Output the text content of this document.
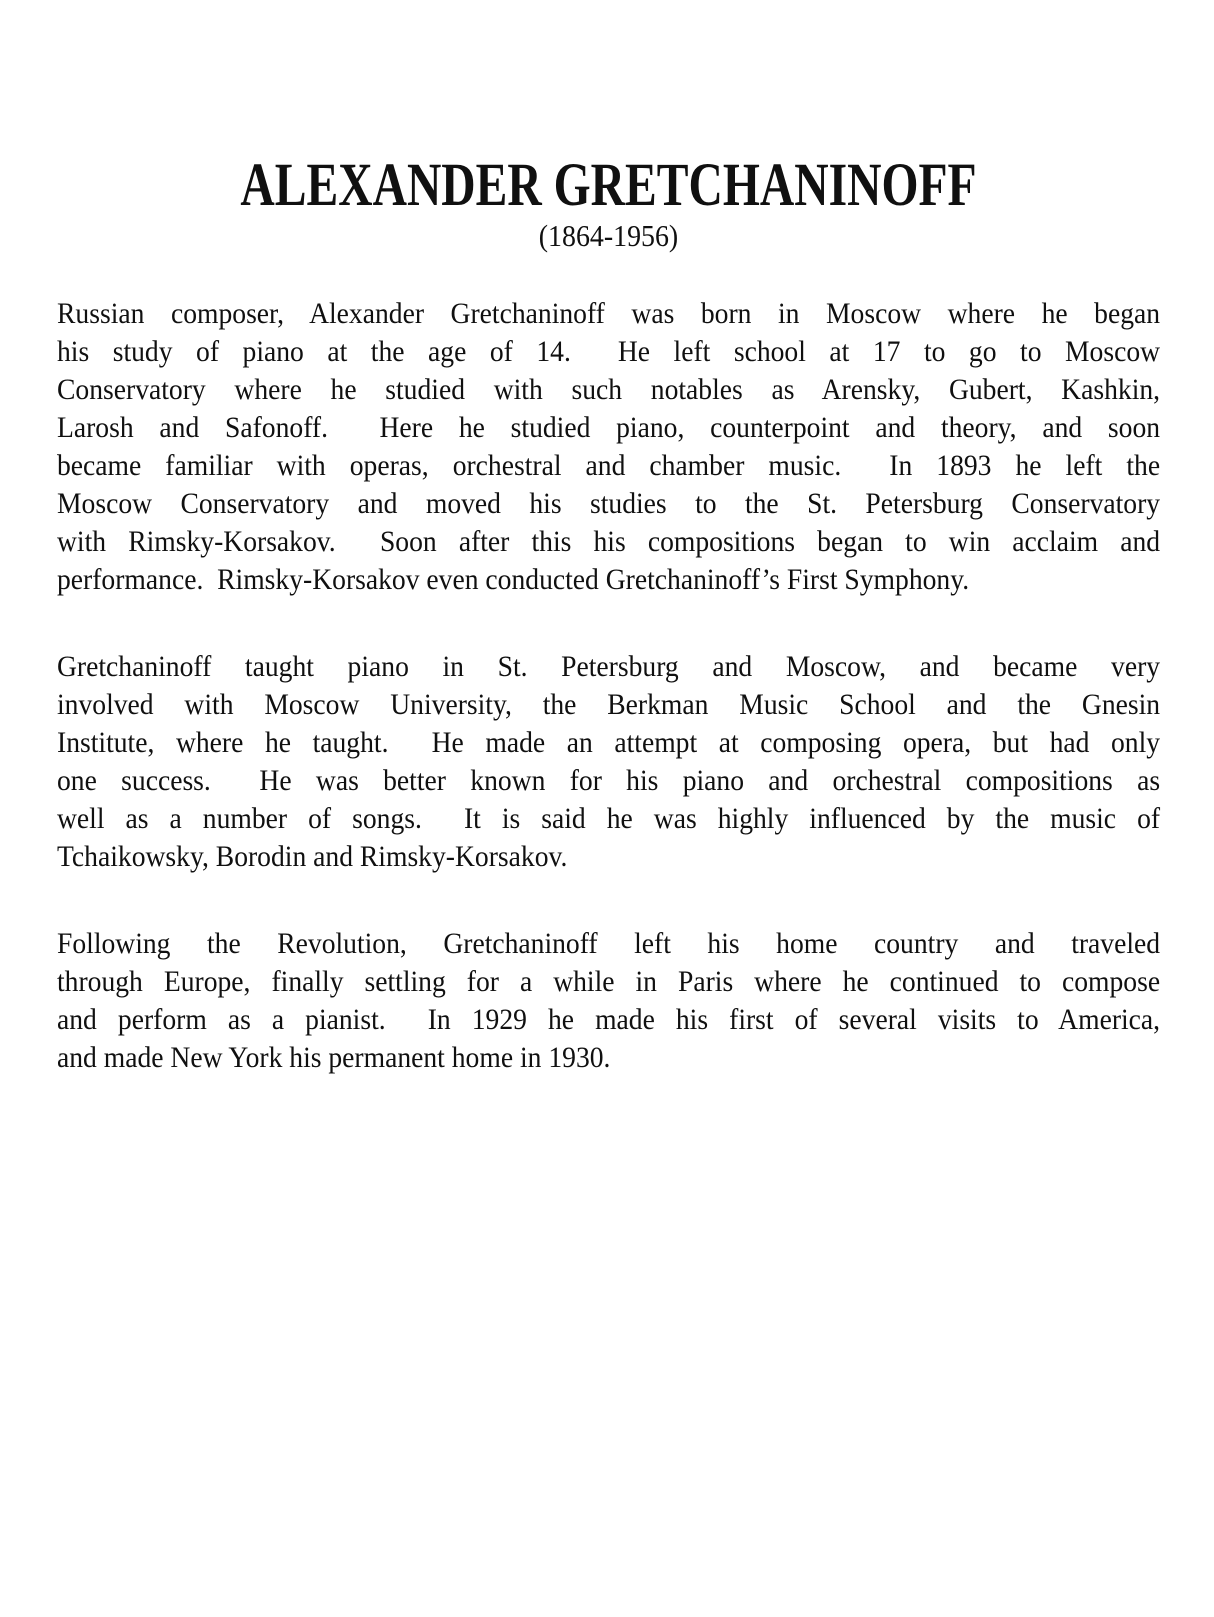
ALEXANDER GRETCHANINOFF
(1864-1956)
Russian composer, Alexander Gretchaninoff was born in Moscow where he began
his study of piano at the age of 14.  He left school at 17 to go to Moscow
Conservatory where he studied with such notables as Arensky, Gubert, Kashkin,
Larosh and Safonoff.  Here he studied piano, counterpoint and theory, and soon
became familiar with operas, orchestral and chamber music.  In 1893 he left the
Moscow Conservatory and moved his studies to the St. Petersburg Conservatory
with Rimsky-Korsakov.  Soon after this his compositions began to win acclaim and
performance.  Rimsky-Korsakov even conducted Gretchaninoff’s First Symphony.
Gretchaninoff taught piano in St. Petersburg and Moscow, and became very
involved with Moscow University, the Berkman Music School and the Gnesin
Institute, where he taught.  He made an attempt at composing opera, but had only
one success.  He was better known for his piano and orchestral compositions as
well as a number of songs.  It is said he was highly influenced by the music of
Tchaikowsky, Borodin and Rimsky-Korsakov.
Following the Revolution, Gretchaninoff left his home country and traveled
through Europe, finally settling for a while in Paris where he continued to compose
and perform as a pianist.  In 1929 he made his first of several visits to America,
and made New York his permanent home in 1930.
